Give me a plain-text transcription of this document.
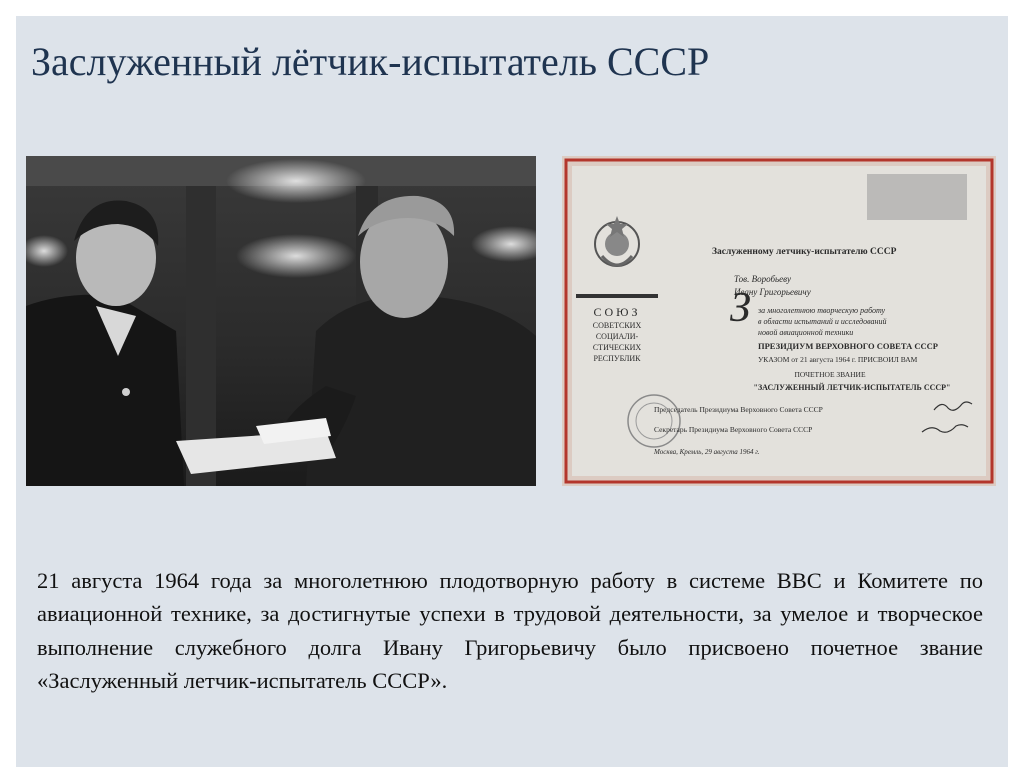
Заслуженный лётчик-испытатель СССР
СОЮЗ
СОВЕТСКИХ
СОЦИАЛИ-
СТИЧЕСКИХ
РЕСПУБЛИК
Заслуженному летчику-испытателю СССР
Тов. Воробьеву
Ивану Григорьевичу
З за многолетнюю творческую работу
в области испытаний и исследований
новой авиационной техники
ПРЕЗИДИУМ ВЕРХОВНОГО СОВЕТА СССР
УКАЗОМ от 21 августа 1964 г. ПРИСВОИЛ ВАМ
ПОЧЕТНОЕ ЗВАНИЕ
"ЗАСЛУЖЕННЫЙ ЛЕТЧИК-ИСПЫТАТЕЛЬ СССР"
Председатель Президиума Верховного Совета СССР
Секретарь Президиума Верховного Совета СССР
Москва, Кремль, 29 августа 1964 г.
21 августа 1964 года за многолетнюю плодотворную работу в системе ВВС и Комитете по авиационной технике, за достигнутые успехи в трудовой деятельности, за умелое и творческое выполнение служебного долга Ивану Григорьевичу было присвоено почетное звание «Заслуженный летчик-испытатель СССР».
